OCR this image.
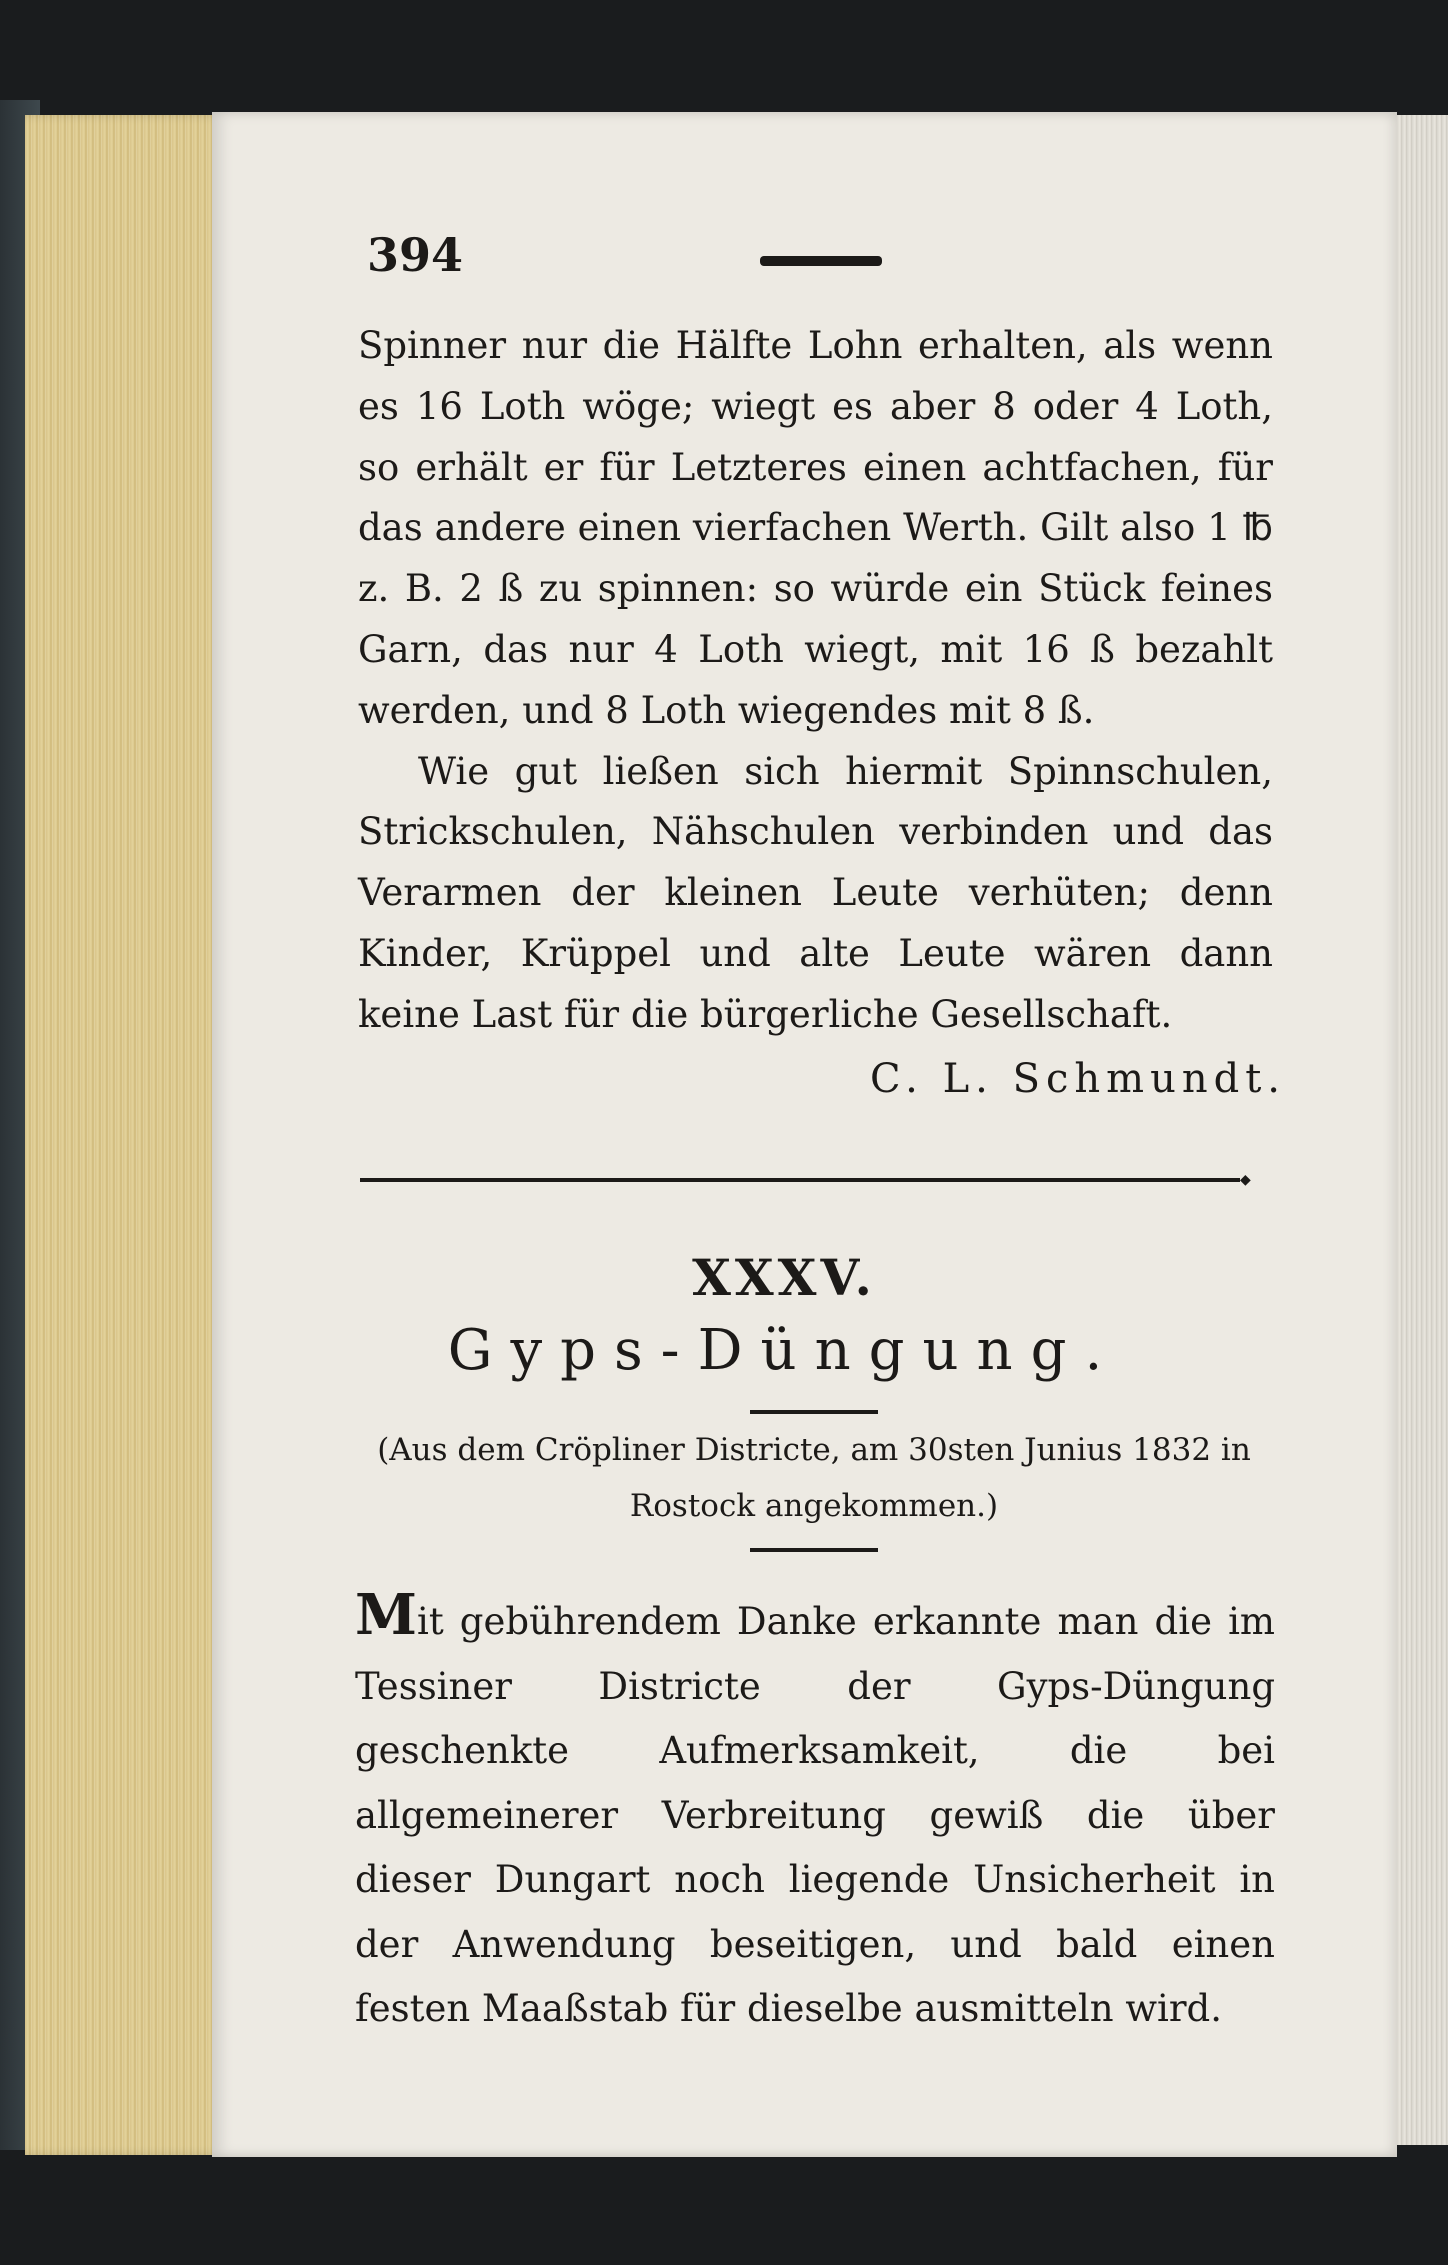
394

Spinner nur die Hälfte Lohn erhalten, als wenn es 16 Loth wöge; wiegt es aber 8 oder 4 Loth, so erhält er für Letzteres einen achtfachen, für das andere einen vierfachen Werth. Gilt also 1 ℔ z. B. 2 ß zu spinnen: so würde ein Stück feines Garn, das nur 4 Loth wiegt, mit 16 ß bezahlt werden, und 8 Loth wiegendes mit 8 ß.

Wie gut ließen sich hiermit Spinnschulen, Strickschulen, Nähschulen verbinden und das Verarmen der kleinen Leute verhüten; denn Kinder, Krüppel und alte Leute wären dann keine Last für die bürgerliche Gesellschaft.

C. L. Schmundt.
◆
XXXV.
Gyps-Düngung.
(Aus dem Cröpliner Districte, am 30sten Junius 1832 in Rostock angekommen.)
Mit gebührendem Danke erkannte man die im Tessiner Districte der Gyps-Düngung geschenkte Aufmerksamkeit, die bei allgemeinerer Verbreitung gewiß die über dieser Dungart noch liegende Unsicherheit in der Anwendung beseitigen, und bald einen festen Maaßstab für dieselbe ausmitteln wird.
